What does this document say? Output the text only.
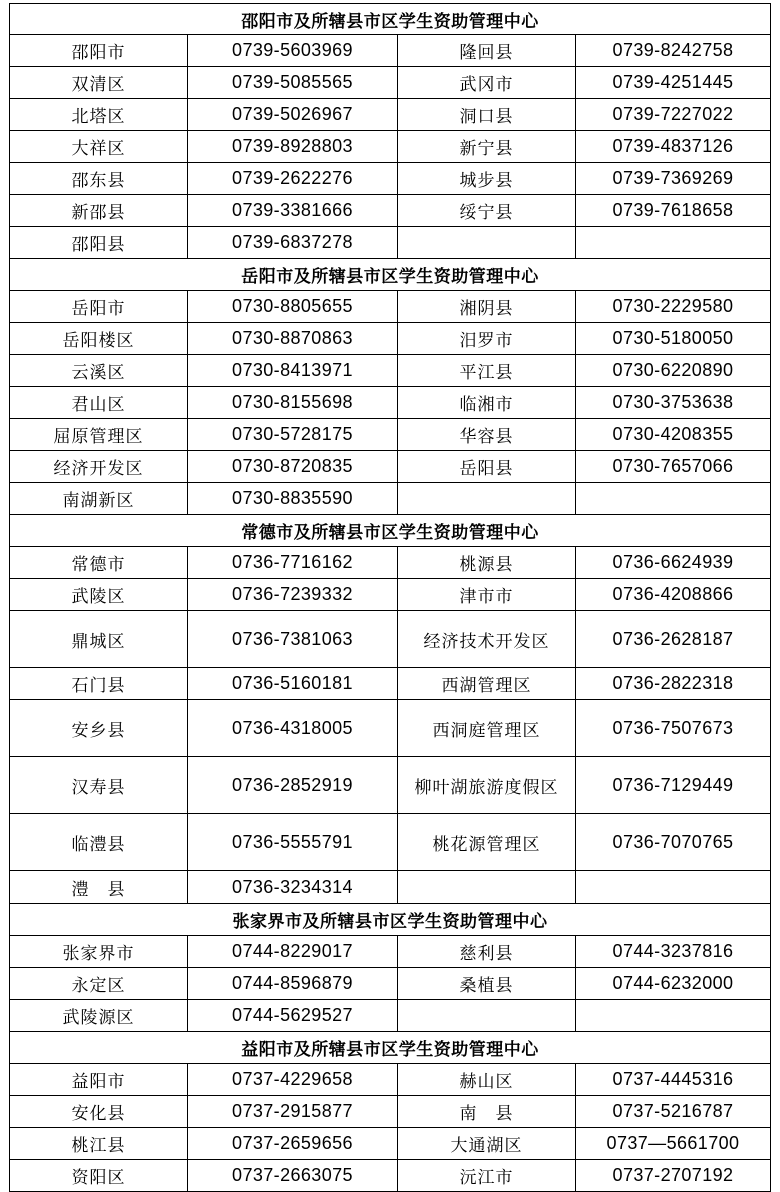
邵阳市及所辖县市区学生资助管理中心			
邵阳市	0739-5603969	隆回县	0739-8242758
双清区	0739-5085565	武冈市	0739-4251445
北塔区	0739-5026967	洞口县	0739-7227022
大祥区	0739-8928803	新宁县	0739-4837126
邵东县	0739-2622276	城步县	0739-7369269
新邵县	0739-3381666	绥宁县	0739-7618658
邵阳县	0739-6837278		
岳阳市及所辖县市区学生资助管理中心			
岳阳市	0730-8805655	湘阴县	0730-2229580
岳阳楼区	0730-8870863	汨罗市	0730-5180050
云溪区	0730-8413971	平江县	0730-6220890
君山区	0730-8155698	临湘市	0730-3753638
屈原管理区	0730-5728175	华容县	0730-4208355
经济开发区	0730-8720835	岳阳县	0730-7657066
南湖新区	0730-8835590		
常德市及所辖县市区学生资助管理中心			
常德市	0736-7716162	桃源县	0736-6624939
武陵区	0736-7239332	津市市	0736-4208866
鼎城区	0736-7381063	经济技术开发区	0736-2628187
石门县	0736-5160181	西湖管理区	0736-2822318
安乡县	0736-4318005	西洞庭管理区	0736-7507673
汉寿县	0736-2852919	柳叶湖旅游度假区	0736-7129449
临澧县	0736-5555791	桃花源管理区	0736-7070765
澧　县	0736-3234314		
张家界市及所辖县市区学生资助管理中心			
张家界市	0744-8229017	慈利县	0744-3237816
永定区	0744-8596879	桑植县	0744-6232000
武陵源区	0744-5629527		
益阳市及所辖县市区学生资助管理中心			
益阳市	0737-4229658	赫山区	0737-4445316
安化县	0737-2915877	南　县	0737-5216787
桃江县	0737-2659656	大通湖区	0737—5661700
资阳区	0737-2663075	沅江市	0737-2707192
